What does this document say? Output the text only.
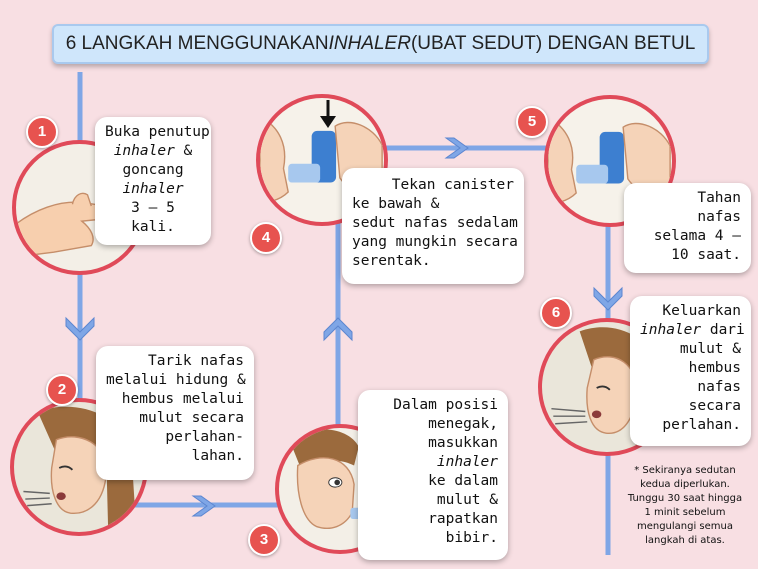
6 LANGKAH MENGGUNAKAN INHALER (UBAT SEDUT) DENGAN BETUL
1
2
3
4
5
6
Buka penutup
inhaler &
goncang
inhaler
3 – 5
kali.
Tarik nafas
melalui hidung &
hembus melalui
mulut secara
perlahan-
lahan.
Dalam posisi
menegak,
masukkan
inhaler
ke dalam
mulut &
rapatkan
bibir.
Tekan canister
ke bawah &
sedut nafas sedalam
yang mungkin secara
serentak.
Tahan
nafas
selama 4 –
10 saat.
Keluarkan
inhaler dari
mulut &
hembus
nafas
secara
perlahan.
* Sekiranya sedutan
kedua diperlukan.
Tunggu 30 saat hingga
1 minit sebelum
mengulangi semua
langkah di atas.
